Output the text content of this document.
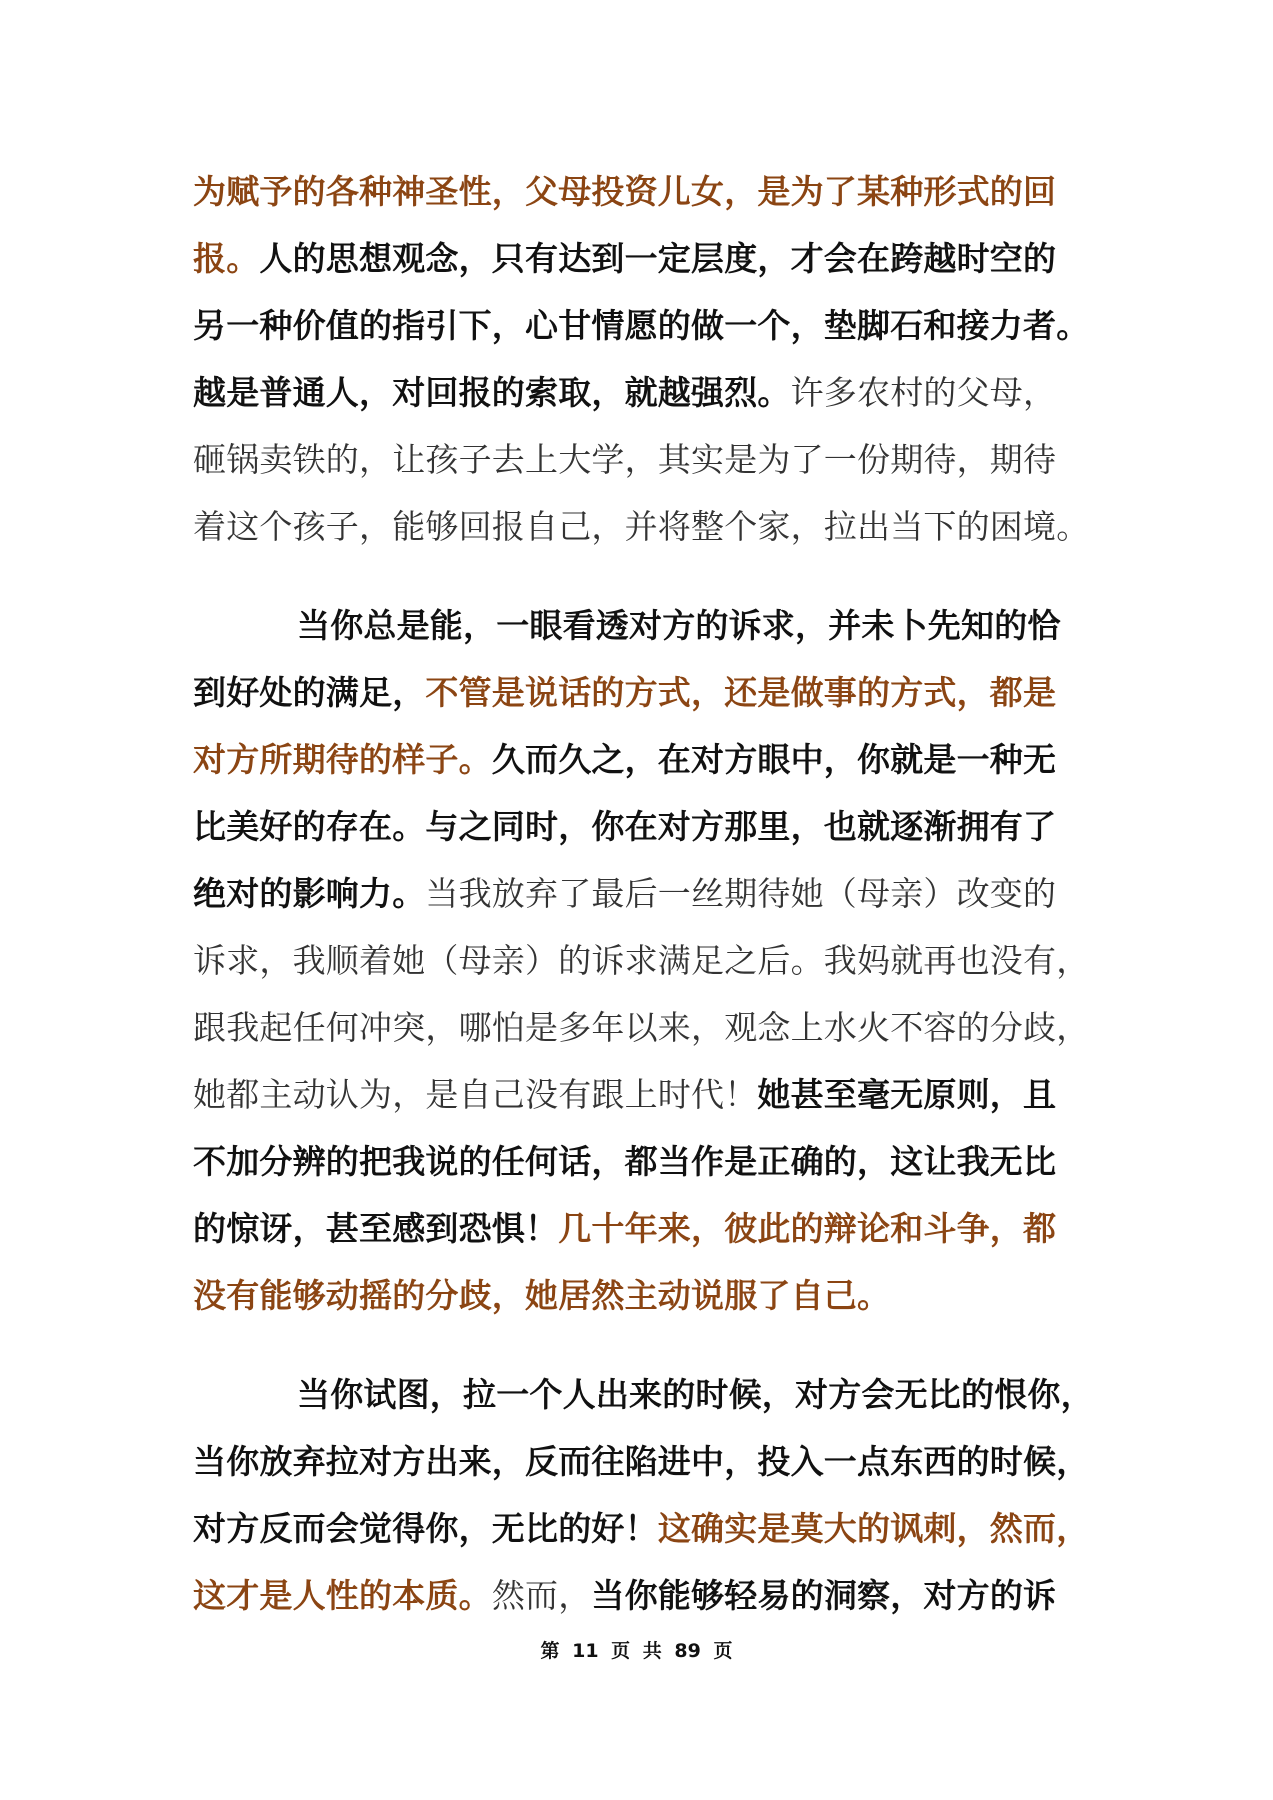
为赋予的各种神圣性，父母投资儿女，是为了某种形式的回
报。人的思想观念，只有达到一定层度，才会在跨越时空的
另一种价值的指引下，心甘情愿的做一个，垫脚石和接力者。
越是普通人，对回报的索取，就越强烈。许多农村的父母，
砸锅卖铁的，让孩子去上大学，其实是为了一份期待，期待
着这个孩子，能够回报自己，并将整个家，拉出当下的困境。
当你总是能，一眼看透对方的诉求，并未卜先知的恰
到好处的满足，不管是说话的方式，还是做事的方式，都是
对方所期待的样子。久而久之，在对方眼中，你就是一种无
比美好的存在。与之同时，你在对方那里，也就逐渐拥有了
绝对的影响力。当我放弃了最后一丝期待她（母亲）改变的
诉求，我顺着她（母亲）的诉求满足之后。我妈就再也没有，
跟我起任何冲突，哪怕是多年以来，观念上水火不容的分歧，
她都主动认为，是自己没有跟上时代！她甚至毫无原则，且
不加分辨的把我说的任何话，都当作是正确的，这让我无比
的惊讶，甚至感到恐惧！几十年来，彼此的辩论和斗争，都
没有能够动摇的分歧，她居然主动说服了自己。
当你试图，拉一个人出来的时候，对方会无比的恨你，
当你放弃拉对方出来，反而往陷进中，投入一点东西的时候，
对方反而会觉得你，无比的好！这确实是莫大的讽刺，然而，
这才是人性的本质。然而，当你能够轻易的洞察，对方的诉
第 11 页 共 89 页
